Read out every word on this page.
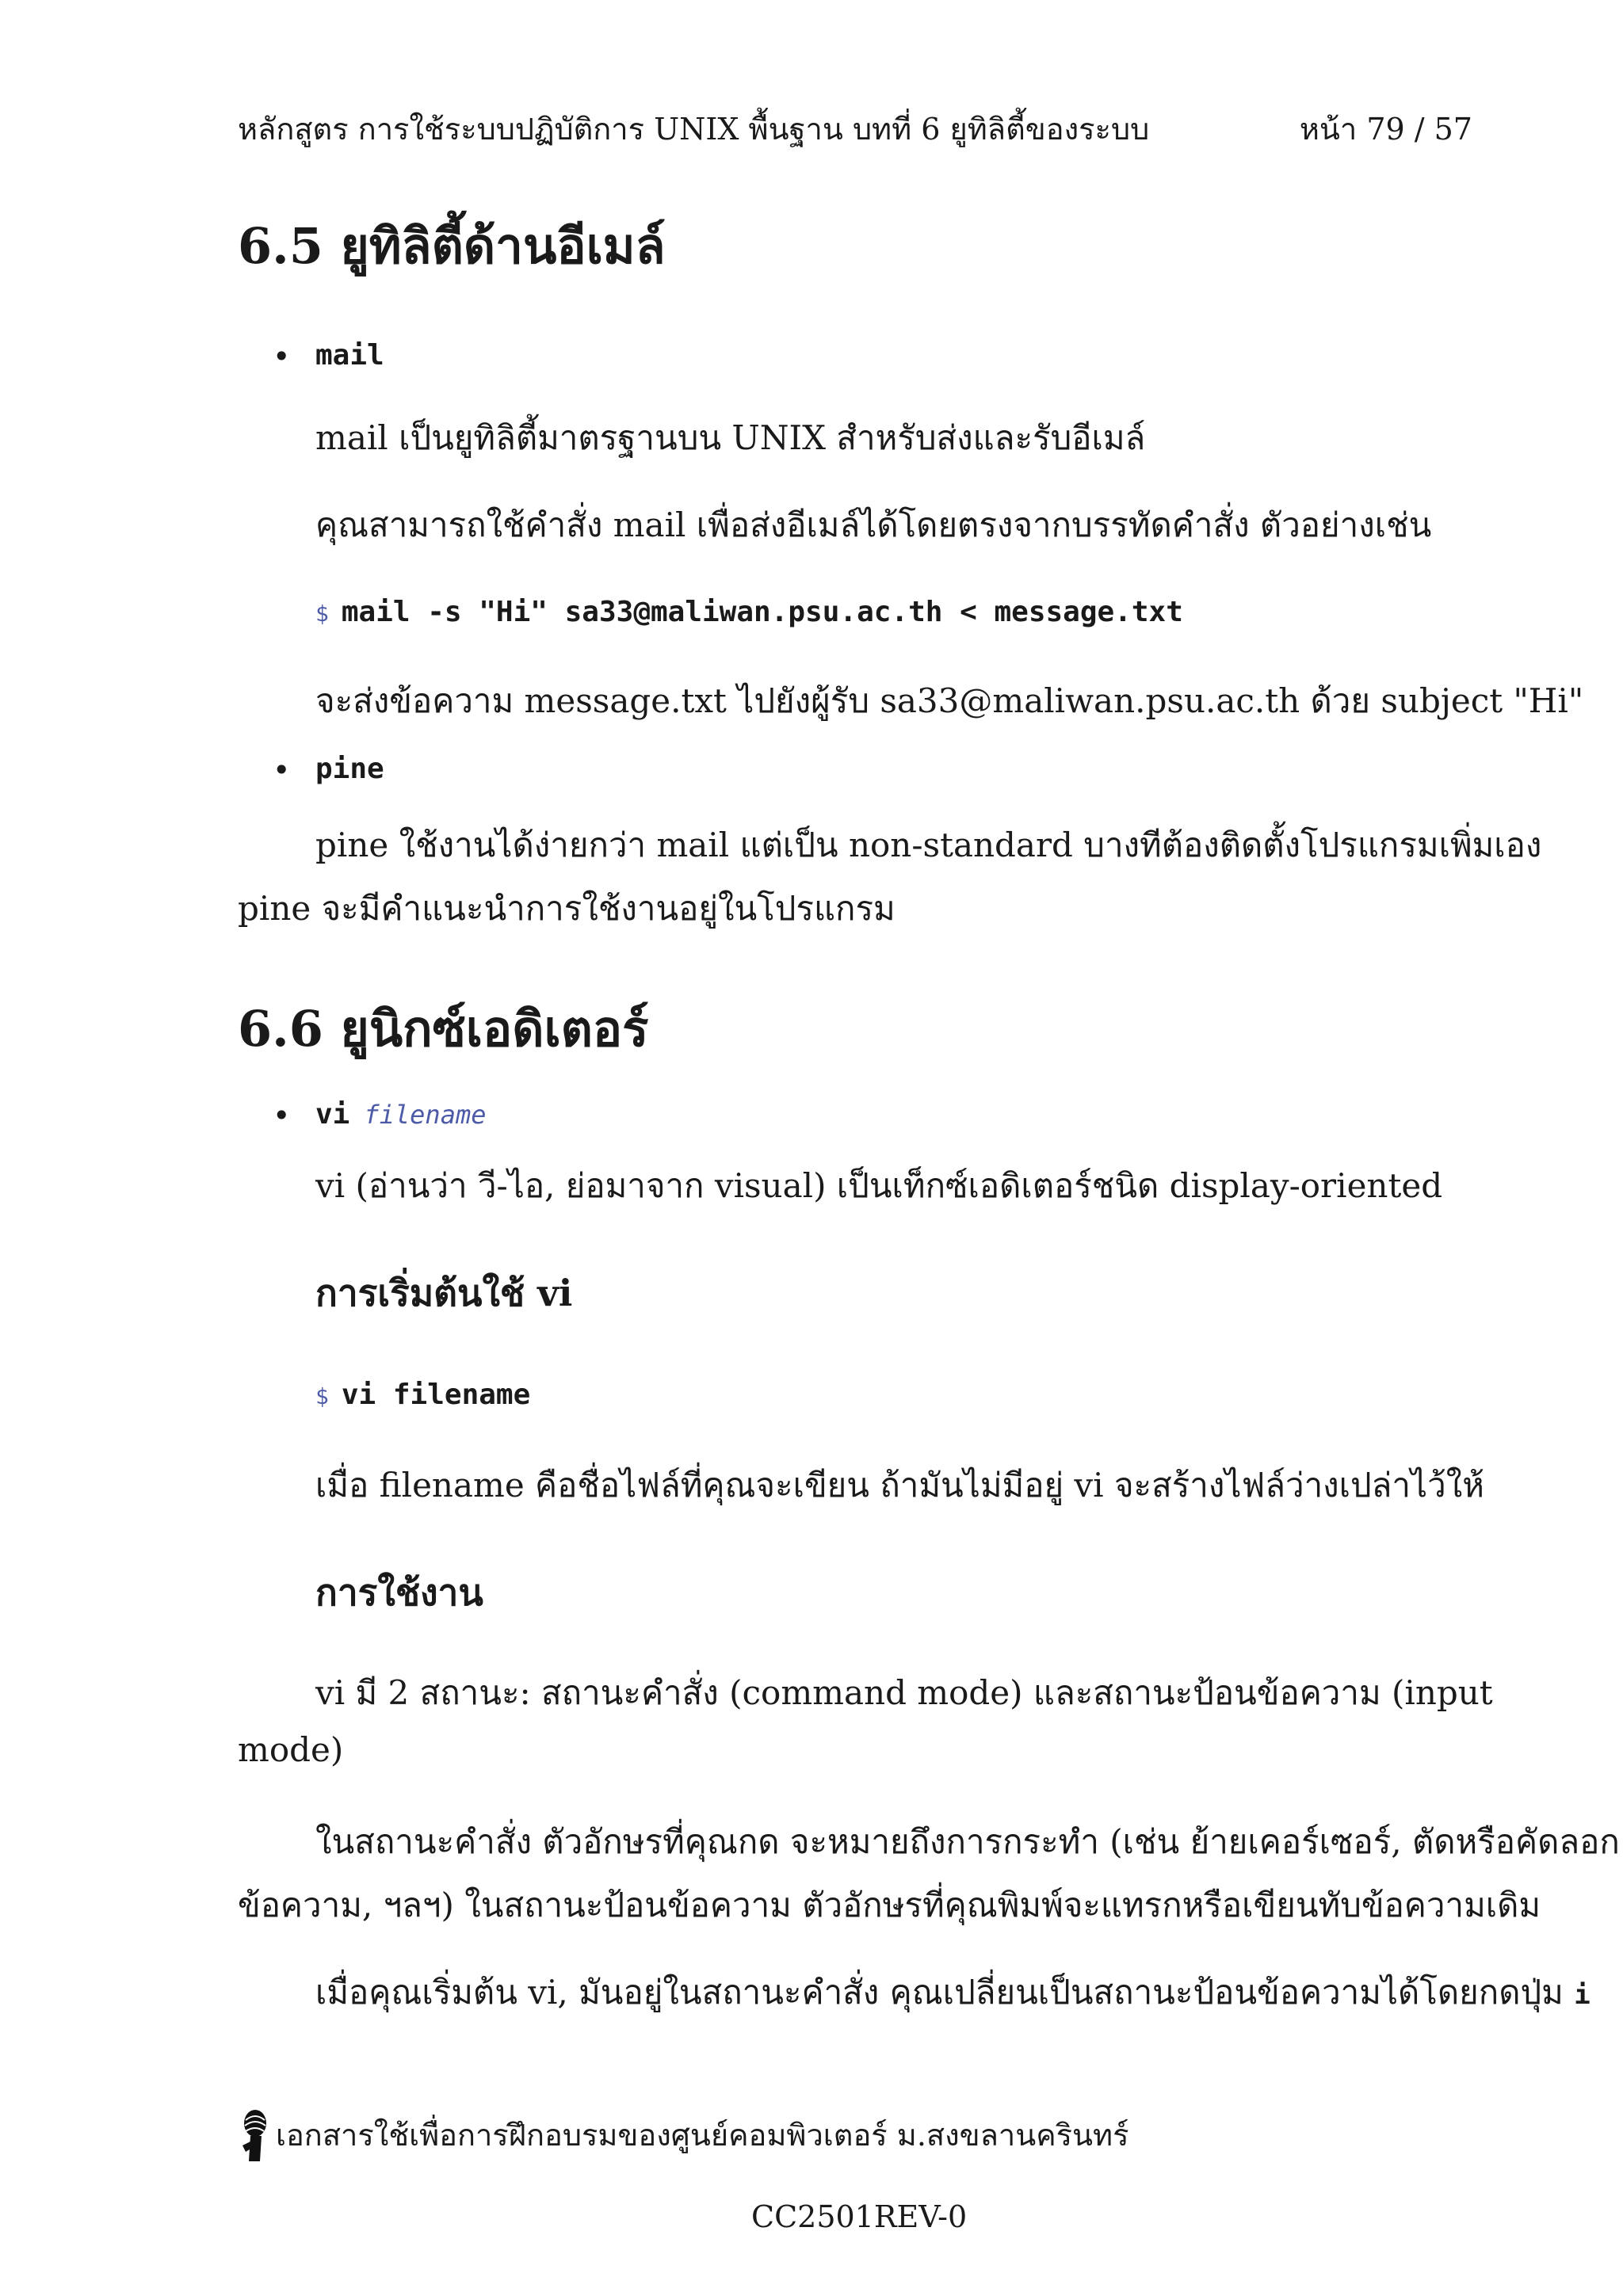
หลักสูตร การใช้ระบบปฏิบัติการ UNIX พื้นฐาน บทที่ 6 ยูทิลิตี้ของระบบ	หน้า 79 / 57
6.5 ยูทิลิตี้ด้านอีเมล์
• mail
mail เป็นยูทิลิตี้มาตรฐานบน UNIX สำหรับส่งและรับอีเมล์
คุณสามารถใช้คำสั่ง mail เพื่อส่งอีเมล์ได้โดยตรงจากบรรทัดคำสั่ง ตัวอย่างเช่น
$ mail -s "Hi" sa33@maliwan.psu.ac.th < message.txt
จะส่งข้อความ message.txt ไปยังผู้รับ sa33@maliwan.psu.ac.th ด้วย subject "Hi"
• pine
pine ใช้งานได้ง่ายกว่า mail แต่เป็น non-standard บางทีต้องติดตั้งโปรแกรมเพิ่มเอง
pine จะมีคำแนะนำการใช้งานอยู่ในโปรแกรม
6.6 ยูนิกซ์เอดิเตอร์
• vi filename
vi (อ่านว่า วี-ไอ, ย่อมาจาก visual) เป็นเท็กซ์เอดิเตอร์ชนิด display-oriented
การเริ่มต้นใช้ vi
$ vi filename
เมื่อ filename คือชื่อไฟล์ที่คุณจะเขียน ถ้ามันไม่มีอยู่ vi จะสร้างไฟล์ว่างเปล่าไว้ให้
การใช้งาน
vi มี 2 สถานะ: สถานะคำสั่ง (command mode) และสถานะป้อนข้อความ (input
mode)
ในสถานะคำสั่ง ตัวอักษรที่คุณกด จะหมายถึงการกระทำ (เช่น ย้ายเคอร์เซอร์, ตัดหรือคัดลอก
ข้อความ, ฯลฯ) ในสถานะป้อนข้อความ ตัวอักษรที่คุณพิมพ์จะแทรกหรือเขียนทับข้อความเดิม
เมื่อคุณเริ่มต้น vi, มันอยู่ในสถานะคำสั่ง คุณเปลี่ยนเป็นสถานะป้อนข้อความได้โดยกดปุ่ม i
เอกสารใช้เพื่อการฝึกอบรมของศูนย์คอมพิวเตอร์ ม.สงขลานครินทร์
CC2501REV-0
